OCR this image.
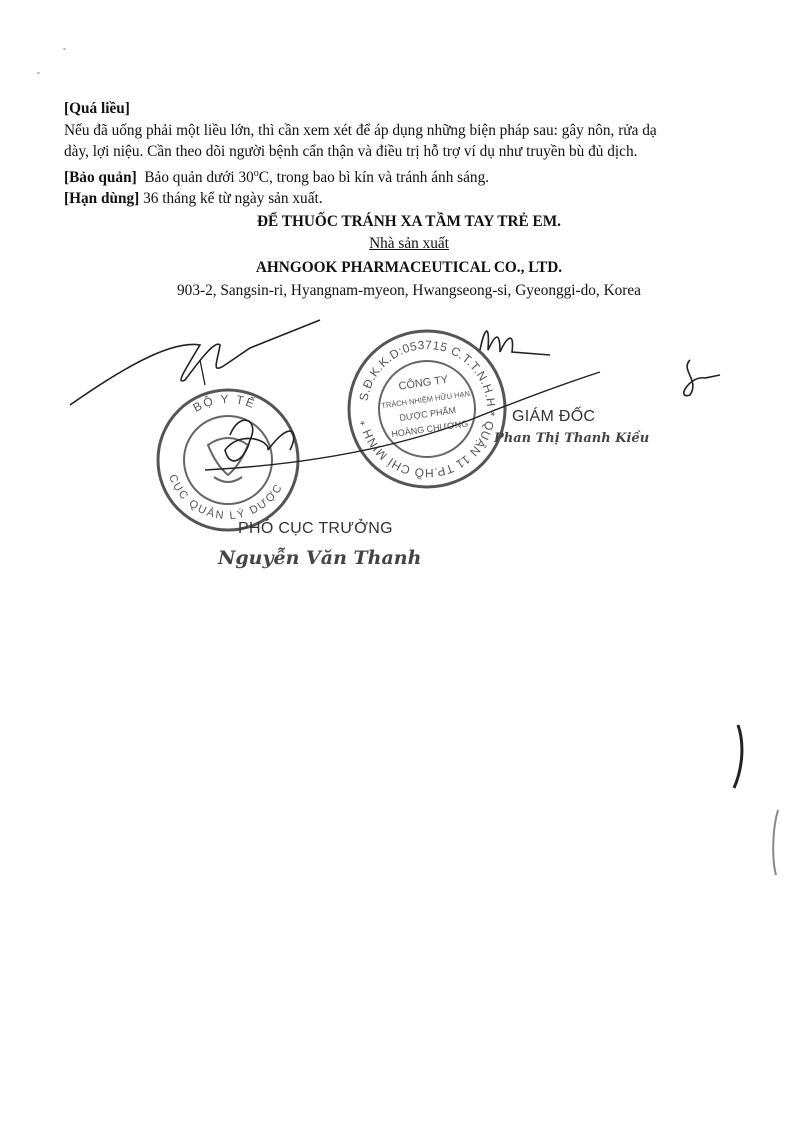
[Quá liều]

Nếu đã uống phải một liều lớn, thì cần xem xét để áp dụng những biện pháp sau: gây nôn, rửa dạ

dày, lợi niệu. Cần theo dõi người bệnh cẩn thận và điều trị hỗ trợ ví dụ như truyền bù đủ dịch.

[Bảo quản] Bảo quản dưới 30$^o$C, trong bao bì kín và tránh ánh sáng.

[Hạn dùng] 36 tháng kể từ ngày sản xuất.

ĐỂ THUỐC TRÁNH XA TẦM TAY TRẺ EM.

Nhà sản xuất

AHNGOOK PHARMACEUTICAL CO., LTD.

903-2, Sangsin-ri, Hyangnam-myeon, Hwangseong-si, Gyeonggi-do, Korea

S.Đ.K.K.D:053715 C.T.T.N.H.H * QUẬN 11 TP.HỒ CHÍ MINH *
CÔNG TY
TRÁCH NHIỆM HỮU HẠN
DƯỢC PHẨM
HOÀNG CHƯƠNG
BỘ Y TẾ
CỤC QUẢN LÝ DƯỢC
GIÁM ĐỐC
Phan Thị Thanh Kiều
PHÓ CỤC TRƯỞNG
Nguyễn Văn Thanh
